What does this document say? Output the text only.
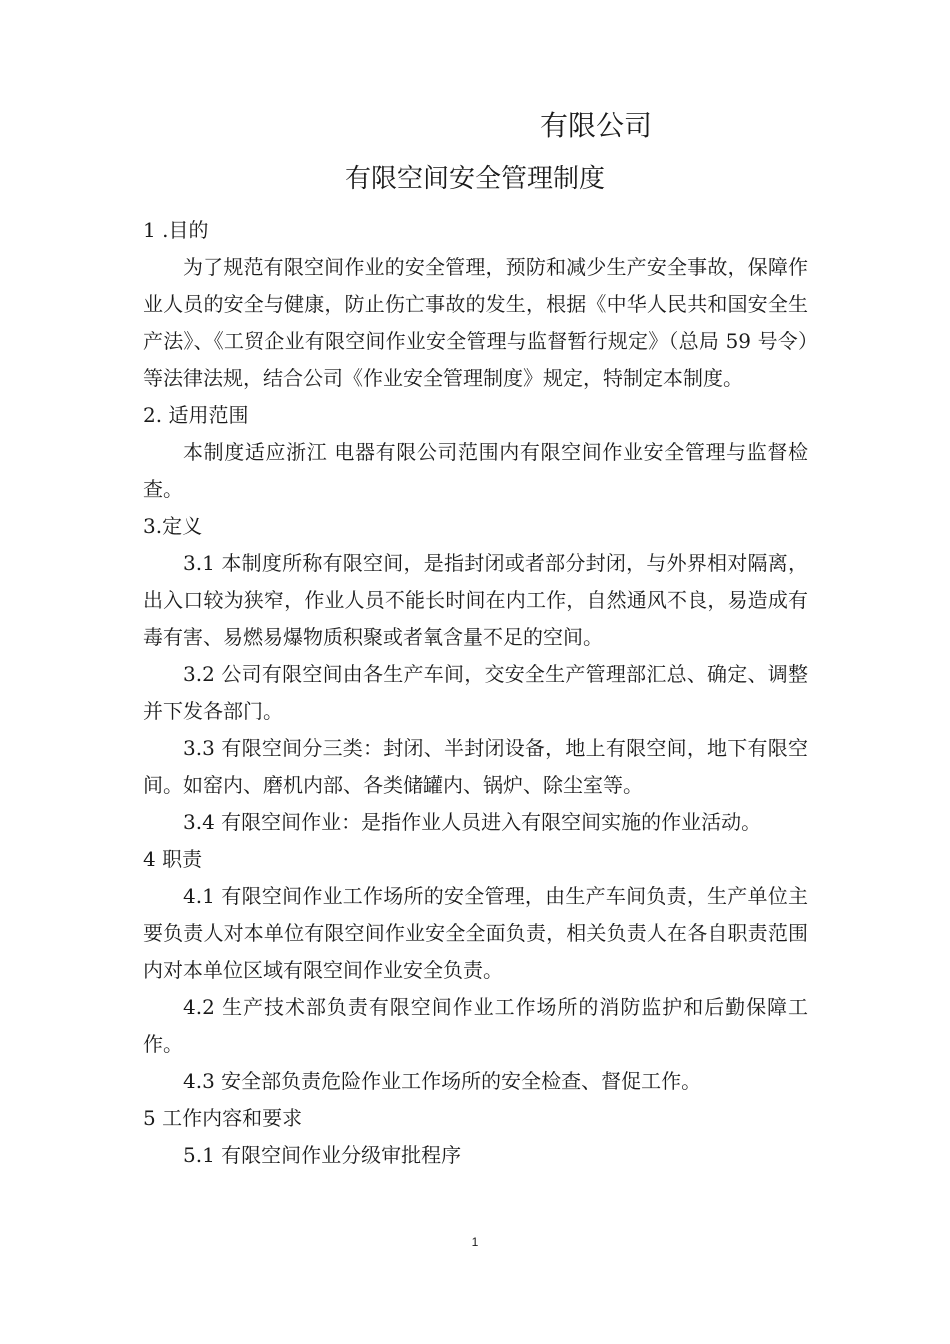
有限公司
有限空间安全管理制度
1 .目的
为了规范有限空间作业的安全管理，预防和减少生产安全事故，保障作业人员的安全与健康，防止伤亡事故的发生，根据《中华人民共和国安全生产法》、《工贸企业有限空间作业安全管理与监督暂行规定》（总局 59 号令）等法律法规，结合公司《作业安全管理制度》规定，特制定本制度。
2. 适用范围
本制度适应浙江 电器有限公司范围内有限空间作业安全管理与监督检查。
3.定义
3.1 本制度所称有限空间，是指封闭或者部分封闭，与外界相对隔离，出入口较为狭窄，作业人员不能长时间在内工作，自然通风不良，易造成有毒有害、易燃易爆物质积聚或者氧含量不足的空间。
3.2 公司有限空间由各生产车间，交安全生产管理部汇总、确定、调整并下发各部门。
3.3 有限空间分三类：封闭、半封闭设备，地上有限空间，地下有限空间。如窑内、磨机内部、各类储罐内、锅炉、除尘室等。
3.4 有限空间作业：是指作业人员进入有限空间实施的作业活动。
4 职责
4.1 有限空间作业工作场所的安全管理，由生产车间负责，生产单位主要负责人对本单位有限空间作业安全全面负责，相关负责人在各自职责范围内对本单位区域有限空间作业安全负责。
4.2 生产技术部负责有限空间作业工作场所的消防监护和后勤保障工作。
4.3 安全部负责危险作业工作场所的安全检查、督促工作。
5 工作内容和要求
5.1 有限空间作业分级审批程序
1
